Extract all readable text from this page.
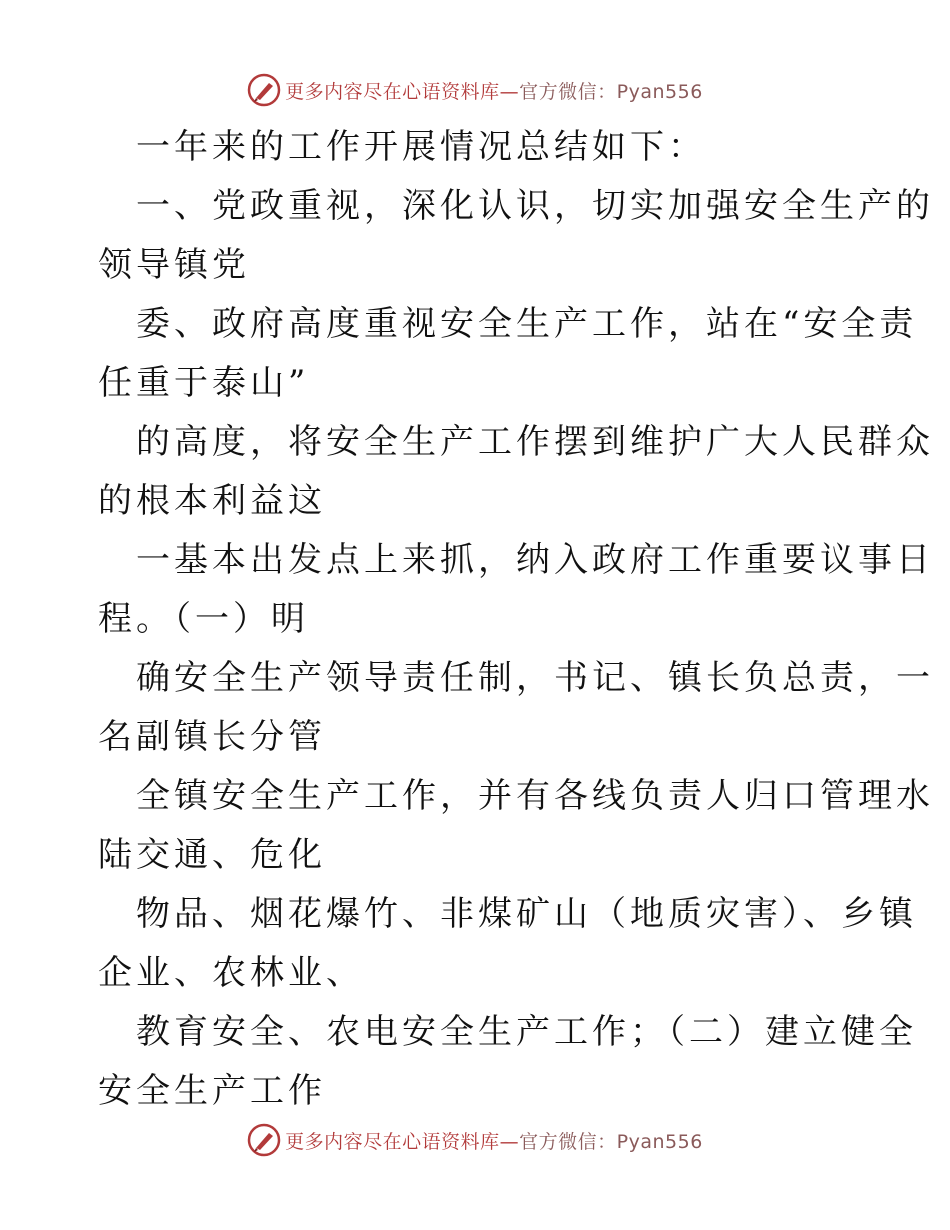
更多内容尽在心语资料库—官方微信：Pyan556
一年来的工作开展情况总结如下：
一、党政重视，深化认识，切实加强安全生产的
领导镇党
委、政府高度重视安全生产工作，站在“安全责
任重于泰山”
的高度，将安全生产工作摆到维护广大人民群众
的根本利益这
一基本出发点上来抓，纳入政府工作重要议事日
程。（一）明
确安全生产领导责任制，书记、镇长负总责，一
名副镇长分管
全镇安全生产工作，并有各线负责人归口管理水
陆交通、危化
物品、烟花爆竹、非煤矿山（地质灾害）、乡镇
企业、农林业、
教育安全、农电安全生产工作；（二）建立健全
安全生产工作
更多内容尽在心语资料库—官方微信：Pyan556
